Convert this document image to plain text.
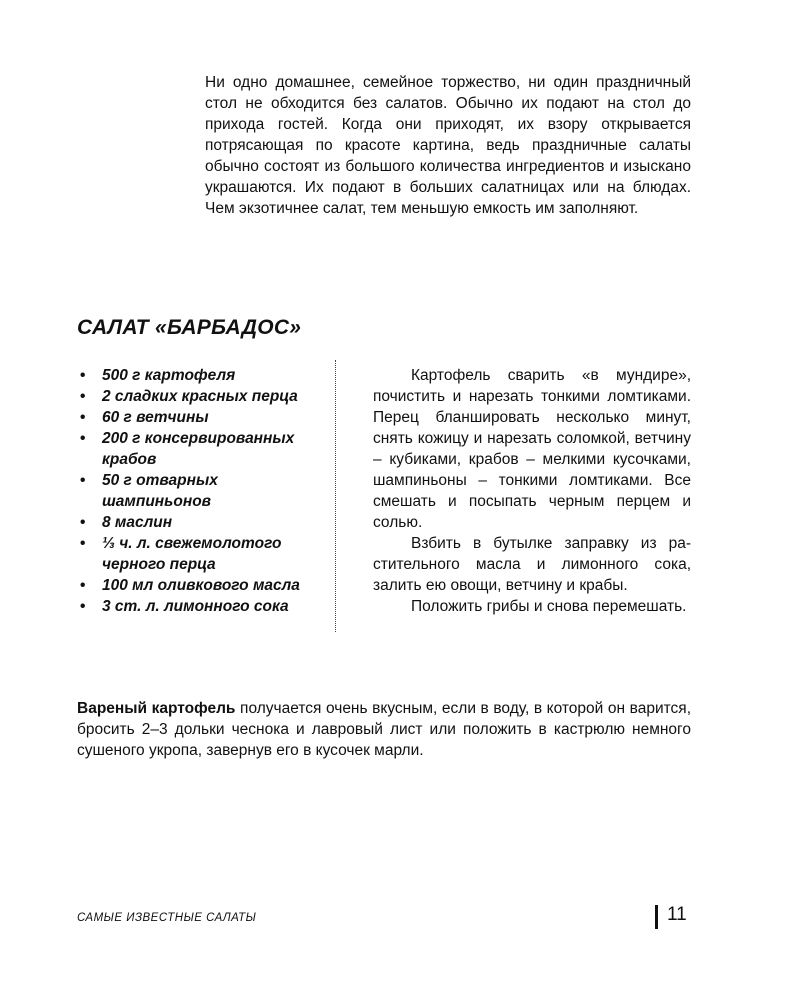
Ни одно домашнее, семейное торжество, ни один праздничный стол не обходится без салатов. Обычно их подают на стол до прихода гостей. Когда они приходят, их взору открывается потрясающая по красоте картина, ведь праздничные салаты обычно состоят из большого количества ингредиентов и изыскано украшаются. Их подают в больших салатницах или на блюдах. Чем экзотичнее салат, тем меньшую емкость им заполняют.

САЛАТ «БАРБАДОС»
• 500 г картофеля
• 2 сладких красных перца
• 60 г ветчины
• 200 г консервированных крабов
• 50 г отварных шампиньонов
• 8 маслин
• ⅓ ч. л. свежемолотого черного перца
• 100 мл оливкового масла
• 3 ст. л. лимонного сока

Картофель сварить «в мундире», почистить и нарезать тонкими ломтиками. Перец бланшировать несколько минут, снять кожицу и нарезать соломкой, ветчину – кубиками, крабов – мелкими кусочками, шампиньоны – тонкими ломтиками. Все смешать и посыпать черным перцем и солью.

Взбить в бутылке заправку из растительного масла и лимонного сока, залить ею овощи, ветчину и крабы.

Положить грибы и снова перемешать.

Вареный картофель получается очень вкусным, если в воду, в которой он варится, бросить 2–3 дольки чеснока и лавровый лист или положить в кастрюлю немного сушеного укропа, завернув его в кусочек марли.

САМЫЕ ИЗВЕСТНЫЕ САЛАТЫ	11
